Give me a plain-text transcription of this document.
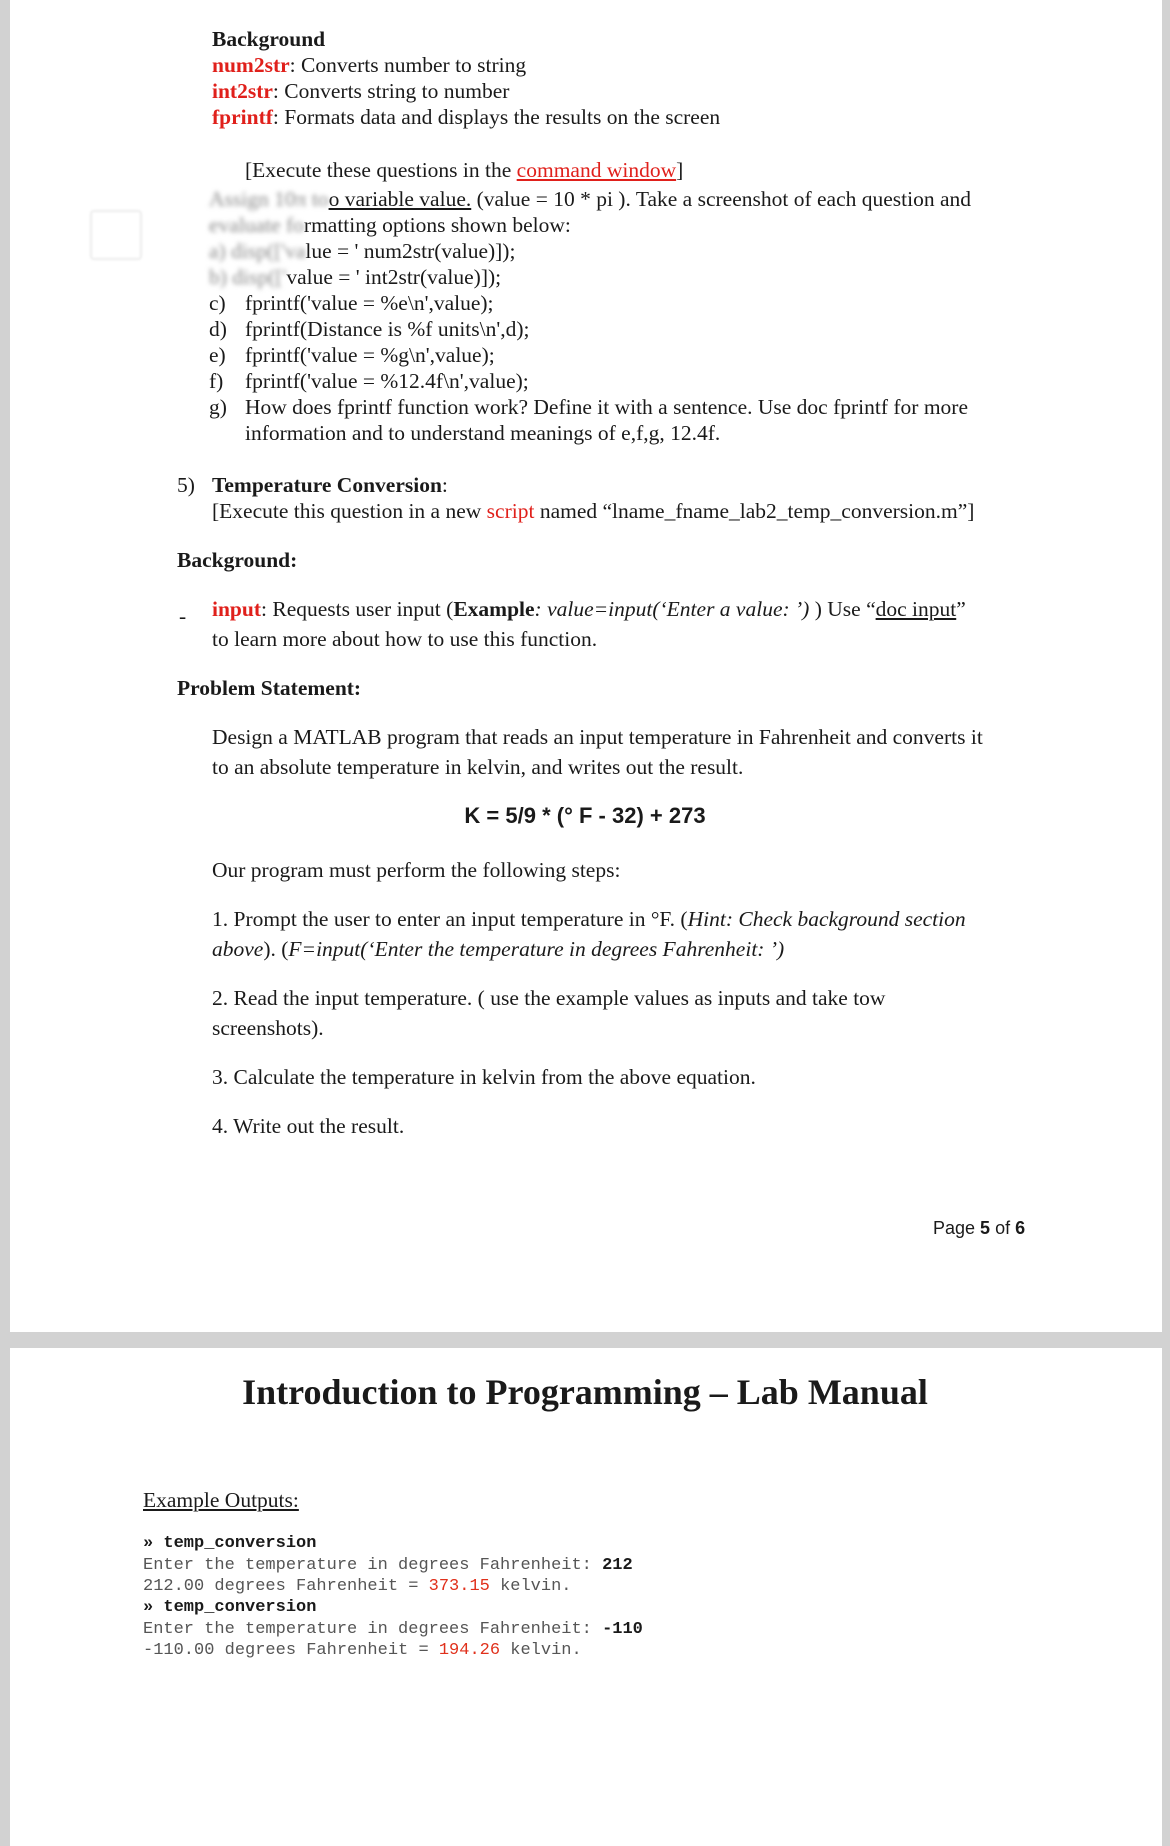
Background
num2str: Converts number to string
int2str: Converts string to number
fprintf: Formats data and displays the results on the screen
[Execute these questions in the command window]
Assign 10π too variable value. (value = 10 * pi ). Take a screenshot of each question and
evaluate formatting options shown below:
a) disp(['value = ' num2str(value)]);
b) disp(['value = ' int2str(value)]);
c) fprintf('value = %e\n',value);
d) fprintf(Distance is %f units\n',d);
e) fprintf('value = %g\n',value);
f) fprintf('value = %12.4f\n',value);
g) How does fprintf function work? Define it with a sentence. Use doc fprintf for more
information and to understand meanings of e,f,g, 12.4f.
5) Temperature Conversion:
[Execute this question in a new script named “lname_fname_lab2_temp_conversion.m”]
Background:
- input: Requests user input (Example: value=input(‘Enter a value: ’) ) Use “doc input”
to learn more about how to use this function.
Problem Statement:
Design a MATLAB program that reads an input temperature in Fahrenheit and converts it
to an absolute temperature in kelvin, and writes out the result.
K = 5/9 * (° F - 32) + 273
Our program must perform the following steps:
1. Prompt the user to enter an input temperature in °F. (Hint: Check background section
above). (F=input(‘Enter the temperature in degrees Fahrenheit: ’)
2. Read the input temperature. ( use the example values as inputs and take tow
screenshots).
3. Calculate the temperature in kelvin from the above equation.
4. Write out the result.
Page 5 of 6
Introduction to Programming – Lab Manual
Example Outputs:
» temp_conversion
Enter the temperature in degrees Fahrenheit: 212
212.00 degrees Fahrenheit = 373.15 kelvin.
» temp_conversion
Enter the temperature in degrees Fahrenheit: -110
-110.00 degrees Fahrenheit = 194.26 kelvin.
